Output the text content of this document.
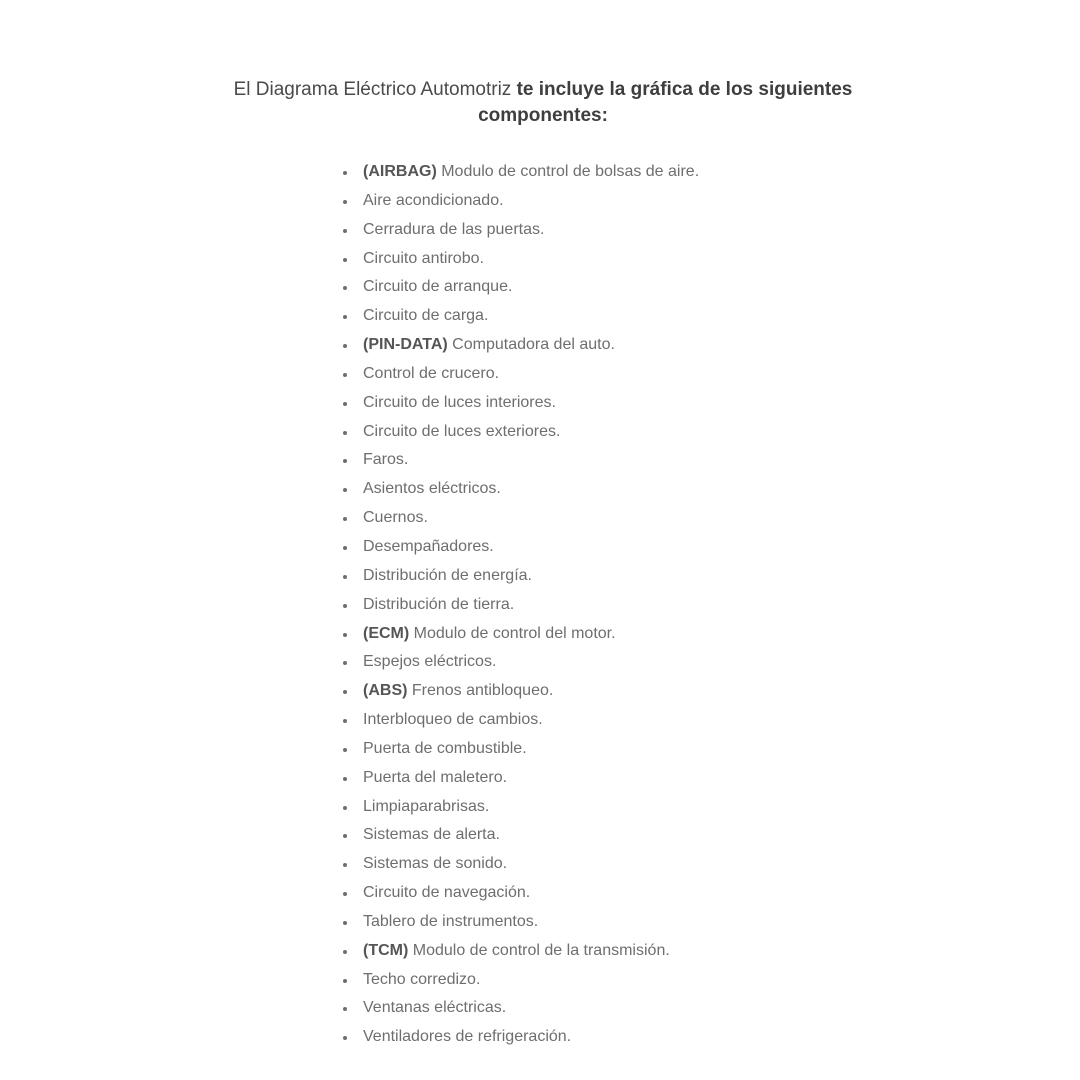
El Diagrama Eléctrico Automotriz te incluye la gráfica de los siguientes componentes:

(AIRBAG) Modulo de control de bolsas de aire.
Aire acondicionado.
Cerradura de las puertas.
Circuito antirobo.
Circuito de arranque.
Circuito de carga.
(PIN-DATA) Computadora del auto.
Control de crucero.
Circuito de luces interiores.
Circuito de luces exteriores.
Faros.
Asientos eléctricos.
Cuernos.
Desempañadores.
Distribución de energía.
Distribución de tierra.
(ECM) Modulo de control del motor.
Espejos eléctricos.
(ABS) Frenos antibloqueo.
Interbloqueo de cambios.
Puerta de combustible.
Puerta del maletero.
Limpiaparabrisas.
Sistemas de alerta.
Sistemas de sonido.
Circuito de navegación.
Tablero de instrumentos.
(TCM) Modulo de control de la transmisión.
Techo corredizo.
Ventanas eléctricas.
Ventiladores de refrigeración.
